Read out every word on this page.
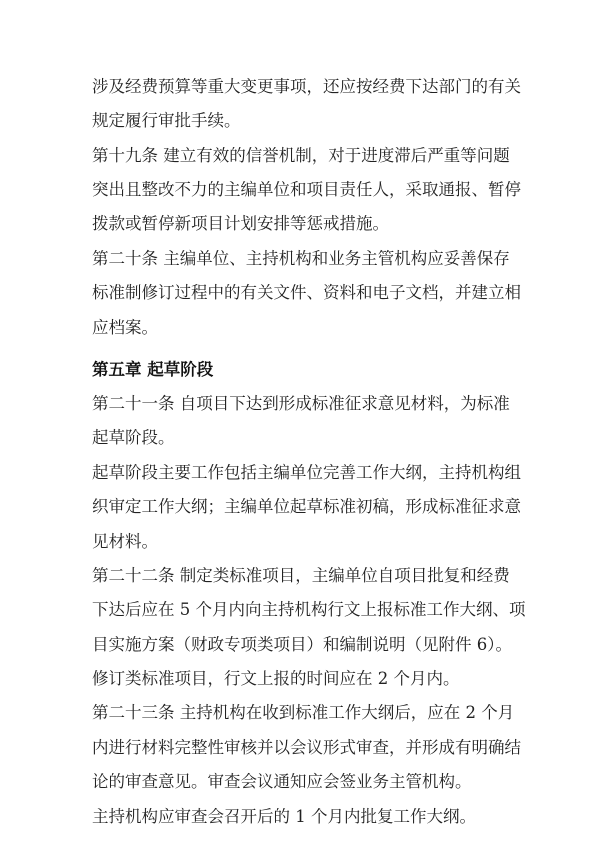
涉及经费预算等重大变更事项，还应按经费下达部门的有关
规定履行审批手续。
第十九条 建立有效的信誉机制，对于进度滞后严重等问题
突出且整改不力的主编单位和项目责任人，采取通报、暂停
拨款或暂停新项目计划安排等惩戒措施。
第二十条 主编单位、主持机构和业务主管机构应妥善保存
标准制修订过程中的有关文件、资料和电子文档，并建立相
应档案。
第五章 起草阶段
第二十一条 自项目下达到形成标准征求意见材料，为标准
起草阶段。
起草阶段主要工作包括主编单位完善工作大纲，主持机构组
织审定工作大纲；主编单位起草标准初稿，形成标准征求意
见材料。
第二十二条 制定类标准项目，主编单位自项目批复和经费
下达后应在 5 个月内向主持机构行文上报标准工作大纲、项
目实施方案（财政专项类项目）和编制说明（见附件 6）。
修订类标准项目，行文上报的时间应在 2 个月内。
第二十三条 主持机构在收到标准工作大纲后，应在 2 个月
内进行材料完整性审核并以会议形式审查，并形成有明确结
论的审查意见。审查会议通知应会签业务主管机构。
主持机构应审查会召开后的 1 个月内批复工作大纲。
